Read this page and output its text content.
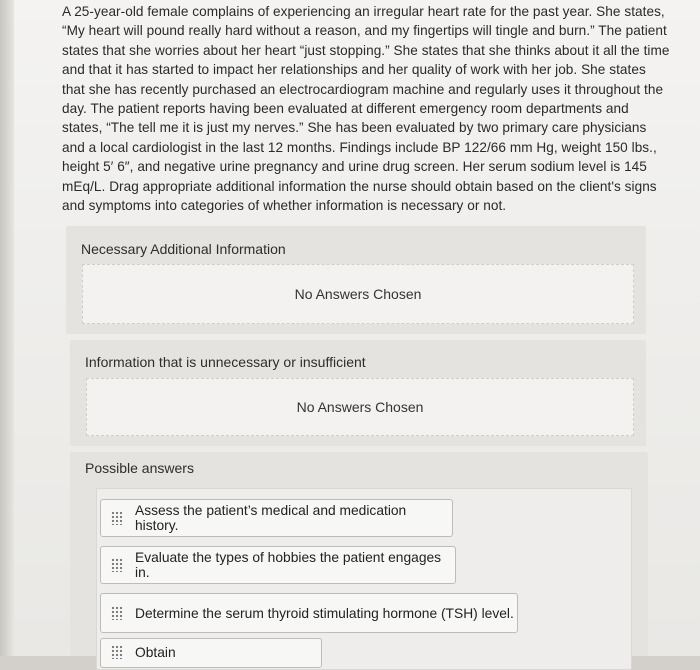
A 25-year-old female complains of experiencing an irregular heart rate for the past year. She states, “My heart will pound really hard without a reason, and my fingertips will tingle and burn.” The patient states that she worries about her heart “just stopping.” She states that she thinks about it all the time and that it has started to impact her relationships and her quality of work with her job. She states that she has recently purchased an electrocardiogram machine and regularly uses it throughout the day. The patient reports having been evaluated at different emergency room departments and states, “The tell me it is just my nerves.” She has been evaluated by two primary care physicians and a local cardiologist in the last 12 months. Findings include BP 122/66 mm Hg, weight 150 lbs., height 5′ 6″, and negative urine pregnancy and urine drug screen. Her serum sodium level is 145 mEq/L. Drag appropriate additional information the nurse should obtain based on the client's signs and symptoms into categories of whether information is necessary or not.
Necessary Additional Information
No Answers Chosen
Information that is unnecessary or insufficient
No Answers Chosen
Possible answers
Assess the patient’s medical and medication history.
Evaluate the types of hobbies the patient engages in.
Determine the serum thyroid stimulating hormone (TSH) level.
Obtain
